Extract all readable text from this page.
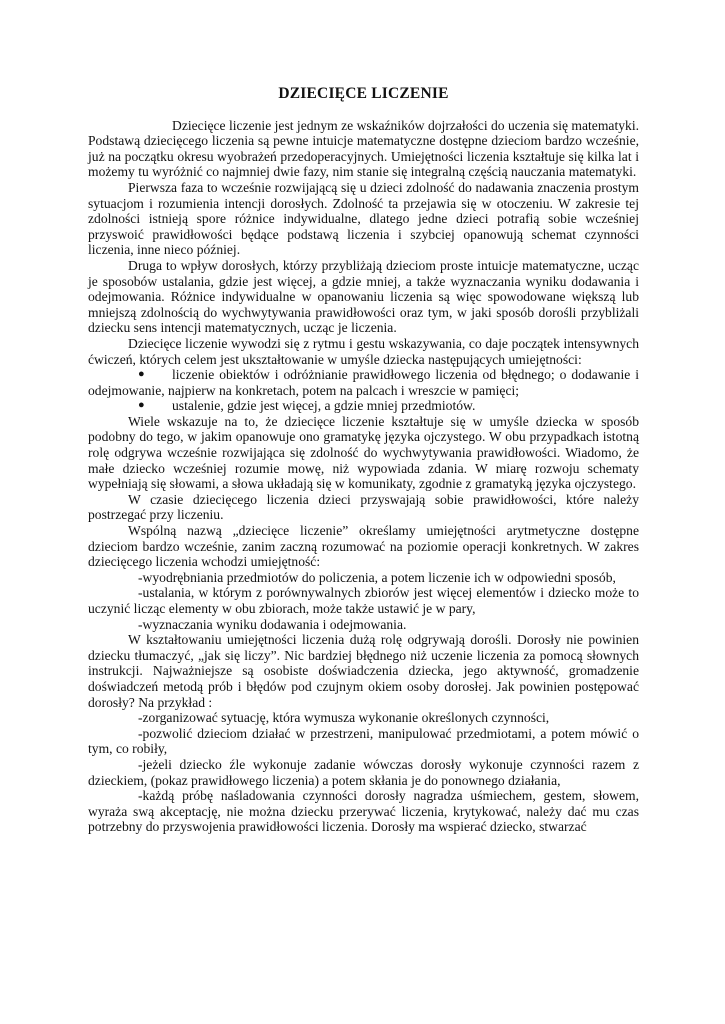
DZIECIĘCE LICZENIE

Dziecięce liczenie jest jednym ze wskaźników dojrzałości do uczenia się matematyki. Podstawą dziecięcego liczenia są pewne intuicje matematyczne dostępne dzieciom bardzo wcześnie, już na początku okresu wyobrażeń przedoperacyjnych. Umiejętności liczenia kształtuje się kilka lat i możemy tu wyróżnić co najmniej dwie fazy, nim stanie się integralną częścią nauczania matematyki.

Pierwsza faza to wcześnie rozwijającą się u dzieci zdolność do nadawania znaczenia prostym sytuacjom i rozumienia intencji dorosłych. Zdolność ta przejawia się w otoczeniu. W zakresie tej zdolności istnieją spore różnice indywidualne, dlatego jedne dzieci potrafią sobie wcześniej przyswoić prawidłowości będące podstawą liczenia i szybciej opanowują schemat czynności liczenia, inne nieco później.

Druga to wpływ dorosłych, którzy przybliżają dzieciom proste intuicje matematyczne, ucząc je sposobów ustalania, gdzie jest więcej, a gdzie mniej, a także wyznaczania wyniku dodawania i odejmowania. Różnice indywidualne w opanowaniu liczenia są więc spowodowane większą lub mniejszą zdolnością do wychwytywania prawidłowości oraz tym, w jaki sposób dorośli przybliżali dziecku sens intencji matematycznych, ucząc je liczenia.

Dziecięce liczenie wywodzi się z rytmu i gestu wskazywania, co daje początek intensywnych ćwiczeń, których celem jest ukształtowanie w umyśle dziecka następujących umiejętności:

● liczenie obiektów i odróżnianie prawidłowego liczenia od błędnego; o dodawanie i odejmowanie, najpierw na konkretach, potem na palcach i wreszcie w pamięci;

● ustalenie, gdzie jest więcej, a gdzie mniej przedmiotów.

Wiele wskazuje na to, że dziecięce liczenie kształtuje się w umyśle dziecka w sposób podobny do tego, w jakim opanowuje ono gramatykę języka ojczystego. W obu przypadkach istotną rolę odgrywa wcześnie rozwijająca się zdolność do wychwytywania prawidłowości. Wiadomo, że małe dziecko wcześniej rozumie mowę, niż wypowiada zdania. W miarę rozwoju schematy wypełniają się słowami, a słowa układają się w komunikaty, zgodnie z gramatyką języka ojczystego.

W czasie dziecięcego liczenia dzieci przyswajają sobie prawidłowości, które należy postrzegać przy liczeniu.

Wspólną nazwą „dziecięce liczenie” określamy umiejętności arytmetyczne dostępne dzieciom bardzo wcześnie, zanim zaczną rozumować na poziomie operacji konkretnych. W zakres dziecięcego liczenia wchodzi umiejętność:

-wyodrębniania przedmiotów do policzenia, a potem liczenie ich w odpowiedni sposób,

-ustalania, w którym z porównywalnych zbiorów jest więcej elementów i dziecko może to uczynić licząc elementy w obu zbiorach, może także ustawić je w pary,

-wyznaczania wyniku dodawania i odejmowania.

W kształtowaniu umiejętności liczenia dużą rolę odgrywają dorośli. Dorosły nie powinien dziecku tłumaczyć, „jak się liczy”. Nic bardziej błędnego niż uczenie liczenia za pomocą słownych instrukcji. Najważniejsze są osobiste doświadczenia dziecka, jego aktywność, gromadzenie doświadczeń metodą prób i błędów pod czujnym okiem osoby dorosłej. Jak powinien postępować dorosły? Na przykład :

-zorganizować sytuację, która wymusza wykonanie określonych czynności,

-pozwolić dzieciom działać w przestrzeni, manipulować przedmiotami, a potem mówić o tym, co robiły,

-jeżeli dziecko źle wykonuje zadanie wówczas dorosły wykonuje czynności razem z dzieckiem, (pokaz prawidłowego liczenia) a potem skłania je do ponownego działania,

-każdą próbę naśladowania czynności dorosły nagradza uśmiechem, gestem, słowem, wyraża swą akceptację, nie można dziecku przerywać liczenia, krytykować, należy dać mu czas potrzebny do przyswojenia prawidłowości liczenia. Dorosły ma wspierać dziecko, stwarzać
